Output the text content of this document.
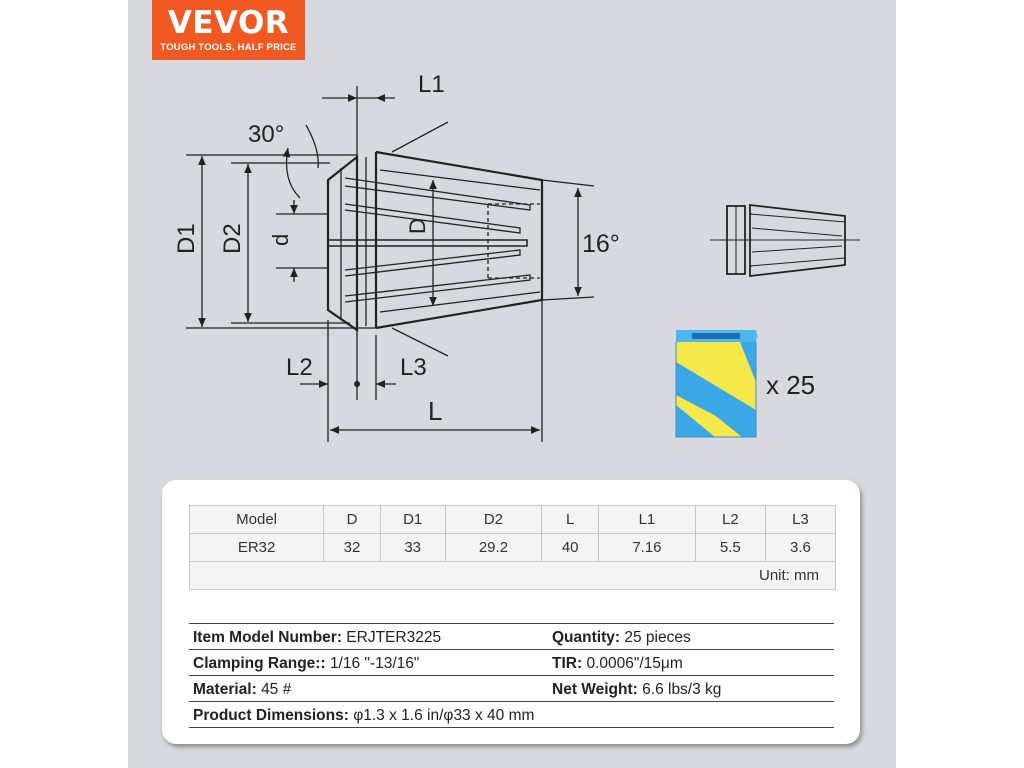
VEVOR
TOUGH TOOLS, HALF PRICE
L1
30°
16°
D1 D2 d
D
L2	L3
L
x 25
Model	D	D1	D2	L	L1	L2	L3
ER32	32	33	29.2	40	7.16	5.5	3.6
Unit: mm							
Item Model Number: ERJTER3225	Quantity: 25 pieces
Clamping Range:: 1/16 "-13/16"	TIR: 0.0006"/15μm
Material: 45 #	Net Weight: 6.6 lbs/3 kg
Product Dimensions: φ1.3 x 1.6 in/φ33 x 40 mm
